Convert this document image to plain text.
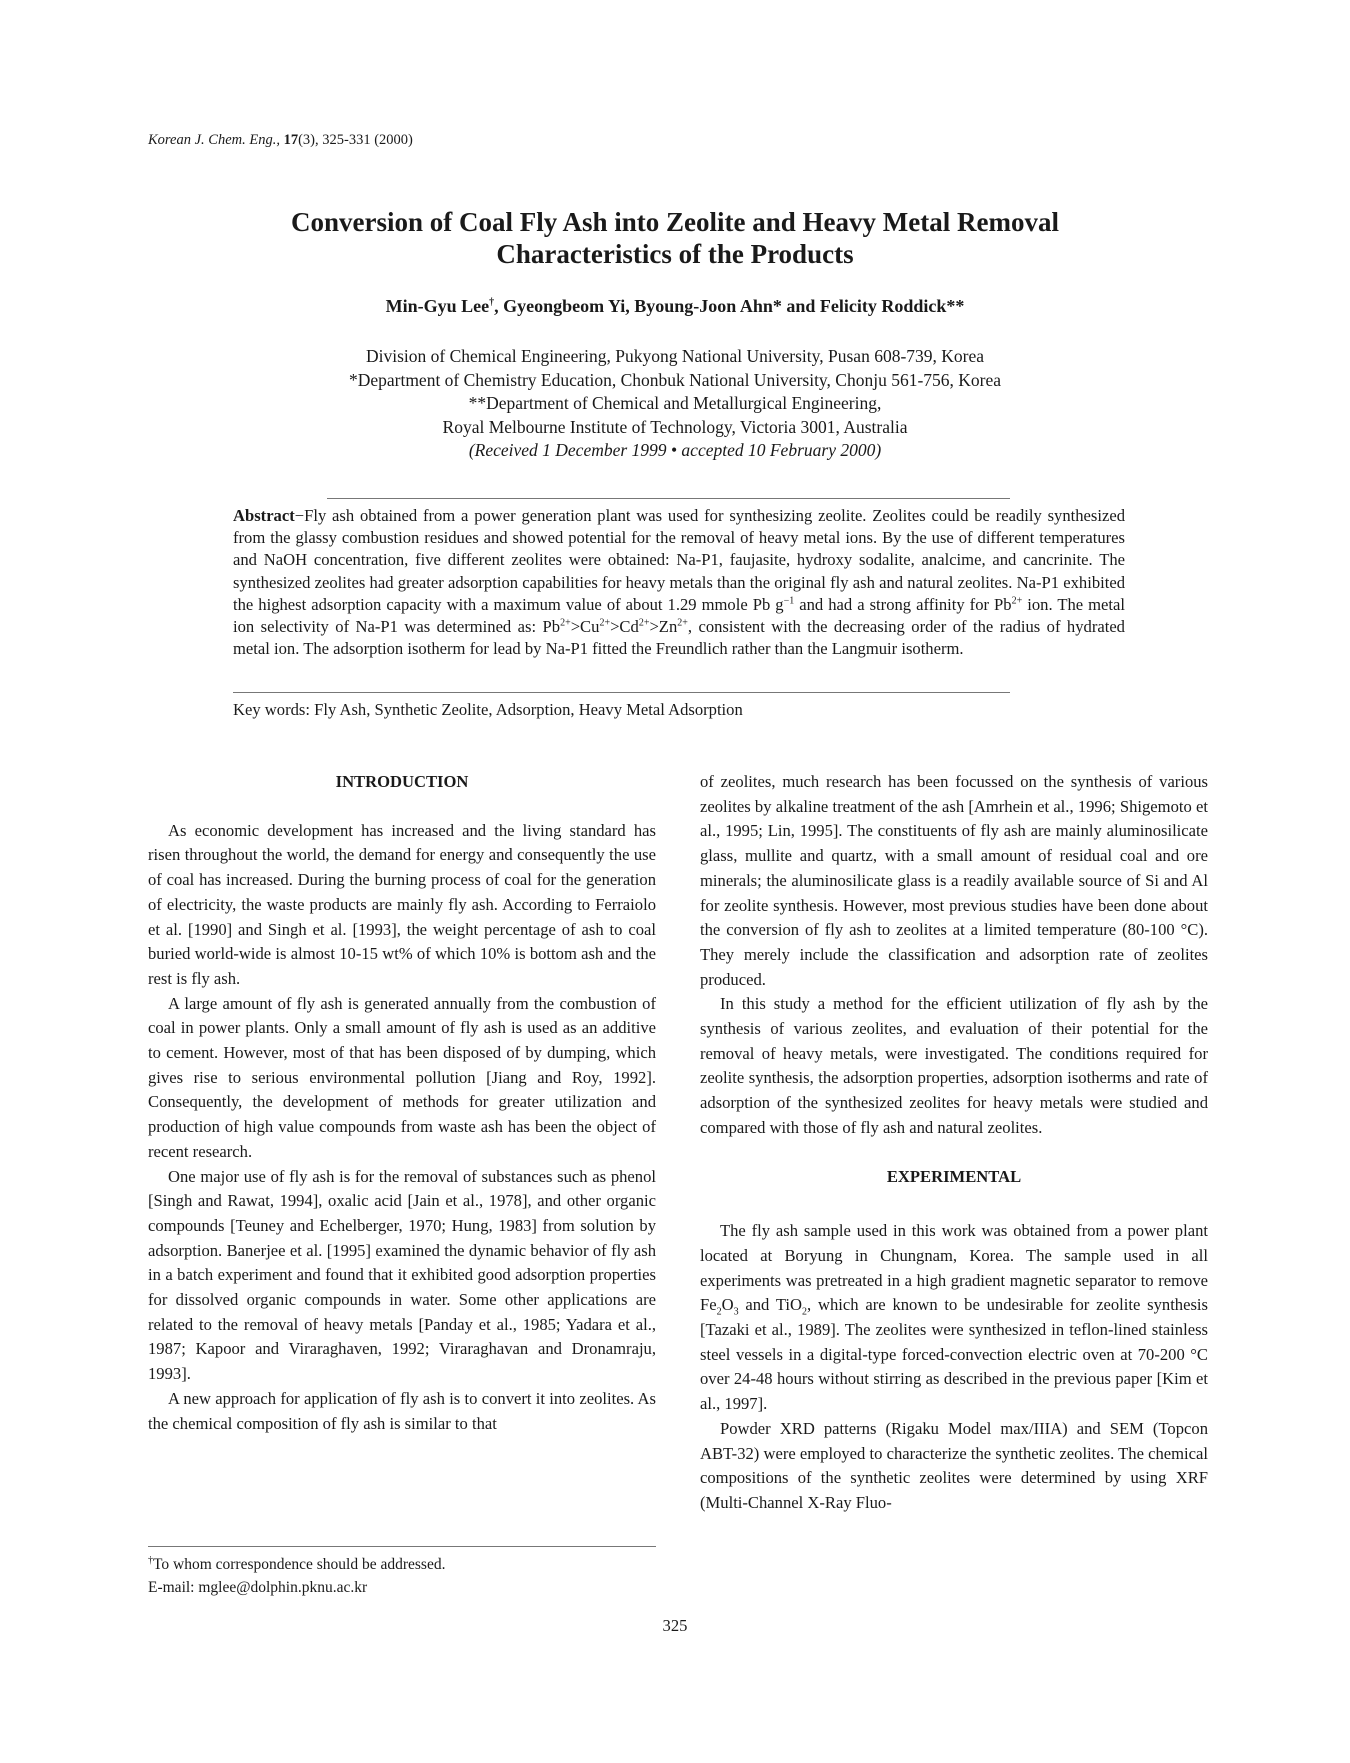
Korean J. Chem. Eng., 17(3), 325-331 (2000)
Conversion of Coal Fly Ash into Zeolite and Heavy Metal Removal
Characteristics of the Products
Min-Gyu Lee†, Gyeongbeom Yi, Byoung-Joon Ahn* and Felicity Roddick**
Division of Chemical Engineering, Pukyong National University, Pusan 608-739, Korea
*Department of Chemistry Education, Chonbuk National University, Chonju 561-756, Korea
**Department of Chemical and Metallurgical Engineering,
Royal Melbourne Institute of Technology, Victoria 3001, Australia
(Received 1 December 1999 • accepted 10 February 2000)
Abstract−Fly ash obtained from a power generation plant was used for synthesizing zeolite. Zeolites could be readily synthesized from the glassy combustion residues and showed potential for the removal of heavy metal ions. By the use of different temperatures and NaOH concentration, five different zeolites were obtained: Na-P1, faujasite, hydroxy sodalite, analcime, and cancrinite. The synthesized zeolites had greater adsorption capabilities for heavy metals than the original fly ash and natural zeolites. Na-P1 exhibited the highest adsorption capacity with a maximum value of about 1.29 mmole Pb $g^{-1}$ and had a strong affinity for $Pb^{2+}$ ion. The metal ion selectivity of Na-P1 was determined as: $Pb^{2+}>Cu^{2+}>Cd^{2+}>Zn^{2+}$, consistent with the decreasing order of the radius of hydrated metal ion. The adsorption isotherm for lead by Na-P1 fitted the Freundlich rather than the Langmuir isotherm.
Key words: Fly Ash, Synthetic Zeolite, Adsorption, Heavy Metal Adsorption
INTRODUCTION

As economic development has increased and the living standard has risen throughout the world, the demand for energy and consequently the use of coal has increased. During the burning process of coal for the generation of electricity, the waste products are mainly fly ash. According to Ferraiolo et al. [1990] and Singh et al. [1993], the weight percentage of ash to coal buried world-wide is almost 10-15 wt% of which 10% is bottom ash and the rest is fly ash.

A large amount of fly ash is generated annually from the combustion of coal in power plants. Only a small amount of fly ash is used as an additive to cement. However, most of that has been disposed of by dumping, which gives rise to serious environmental pollution [Jiang and Roy, 1992]. Consequently, the development of methods for greater utilization and production of high value compounds from waste ash has been the object of recent research.

One major use of fly ash is for the removal of substances such as phenol [Singh and Rawat, 1994], oxalic acid [Jain et al., 1978], and other organic compounds [Teuney and Echelberger, 1970; Hung, 1983] from solution by adsorption. Banerjee et al. [1995] examined the dynamic behavior of fly ash in a batch experiment and found that it exhibited good adsorption properties for dissolved organic compounds in water. Some other applications are related to the removal of heavy metals [Panday et al., 1985; Yadara et al., 1987; Kapoor and Viraraghaven, 1992; Viraraghavan and Dronamraju, 1993].

A new approach for application of fly ash is to convert it into zeolites. As the chemical composition of fly ash is similar to that

of zeolites, much research has been focussed on the synthesis of various zeolites by alkaline treatment of the ash [Amrhein et al., 1996; Shigemoto et al., 1995; Lin, 1995]. The constituents of fly ash are mainly aluminosilicate glass, mullite and quartz, with a small amount of residual coal and ore minerals; the aluminosilicate glass is a readily available source of Si and Al for zeolite synthesis. However, most previous studies have been done about the conversion of fly ash to zeolites at a limited temperature (80-100 °C). They merely include the classification and adsorption rate of zeolites produced.

In this study a method for the efficient utilization of fly ash by the synthesis of various zeolites, and evaluation of their potential for the removal of heavy metals, were investigated. The conditions required for zeolite synthesis, the adsorption properties, adsorption isotherms and rate of adsorption of the synthesized zeolites for heavy metals were studied and compared with those of fly ash and natural zeolites.

EXPERIMENTAL

The fly ash sample used in this work was obtained from a power plant located at Boryung in Chungnam, Korea. The sample used in all experiments was pretreated in a high gradient magnetic separator to remove $Fe_2O_3$ and TiO$_2$, which are known to be undesirable for zeolite synthesis [Tazaki et al., 1989]. The zeolites were synthesized in teflon-lined stainless steel vessels in a digital-type forced-convection electric oven at 70-200 °C over 24-48 hours without stirring as described in the previous paper [Kim et al., 1997].

Powder XRD patterns (Rigaku Model max/IIIA) and SEM (Topcon ABT-32) were employed to characterize the synthetic zeolites. The chemical compositions of the synthetic zeolites were determined by using XRF (Multi-Channel X-Ray Fluo-

†To whom correspondence should be addressed.
E-mail: mglee@dolphin.pknu.ac.kr
325
